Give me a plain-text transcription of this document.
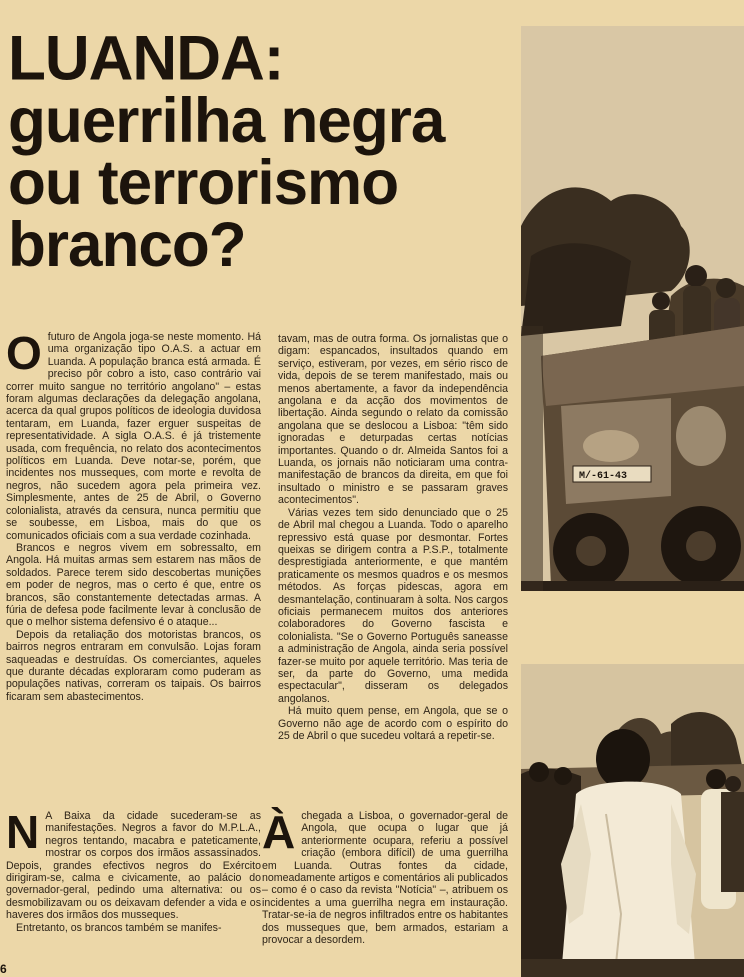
LUANDA:
guerrilha negra
ou terrorismo
branco?
O futuro de Angola joga-se neste momento. Há uma organização tipo O.A.S. a actuar em Luanda. A população branca está armada. É preciso pôr cobro a isto, caso contrário vai correr muito sangue no território angolano" – estas foram algumas declarações da delegação angolana, acerca da qual grupos políticos de ideologia duvidosa tentaram, em Luanda, fazer erguer suspeitas de representatividade. A sigla O.A.S. é já tristemente usada, com frequência, no relato dos acontecimentos políticos em Luanda. Deve notar-se, porém, que incidentes nos musseques, com morte e revolta de negros, não sucedem agora pela primeira vez. Simplesmente, antes de 25 de Abril, o Governo colonialista, através da censura, nunca permitiu que se soubesse, em Lisboa, mais do que os comunicados oficiais com a sua verdade cozinhada.

Brancos e negros vivem em sobressalto, em Angola. Há muitas armas sem estarem nas mãos de soldados. Parece terem sido descobertas munições em poder de negros, mas o certo é que, entre os brancos, são constantemente detectadas armas. A fúria de defesa pode facilmente levar à conclusão de que o melhor sistema defensivo é o ataque...

Depois da retaliação dos motoristas brancos, os bairros negros entraram em convulsão. Lojas foram saqueadas e destruídas. Os comerciantes, aqueles que durante décadas exploraram como puderam as populações nativas, correram os taipais. Os bairros ficaram sem abastecimentos.

tavam, mas de outra forma. Os jornalistas que o digam: espancados, insultados quando em serviço, estiveram, por vezes, em sério risco de vida, depois de se terem manifestado, mais ou menos abertamente, a favor da independência angolana e da acção dos movimentos de libertação. Ainda segundo o relato da comissão angolana que se deslocou a Lisboa: "têm sido ignoradas e deturpadas certas notícias importantes. Quando o dr. Almeida Santos foi a Luanda, os jornais não noticiaram uma contra-manifestação de brancos da direita, em que foi insultado o ministro e se passaram graves acontecimentos".

Várias vezes tem sido denunciado que o 25 de Abril mal chegou a Luanda. Todo o aparelho repressivo está quase por desmontar. Fortes queixas se dirigem contra a P.S.P., totalmente desprestigiada anteriormente, e que mantém praticamente os mesmos quadros e os mesmos métodos. As forças pidescas, agora em desmantelação, continuaram à solta. Nos cargos oficiais permanecem muitos dos anteriores colaboradores do Governo fascista e colonialista. "Se o Governo Português saneasse a administração de Angola, ainda seria possível fazer-se muito por aquele território. Mas teria de ser, da parte do Governo, uma medida espectacular", disseram os delegados angolanos.

Há muito quem pense, em Angola, que se o Governo não age de acordo com o espírito do 25 de Abril o que sucedeu voltará a repetir-se.

N A Baixa da cidade sucederam-se as manifestações. Negros a favor do M.P.L.A., negros tentando, macabra e pateticamente, mostrar os corpos dos irmãos assassinados. Depois, grandes efectivos negros do Exército dirigiram-se, calma e civicamente, ao palácio do governador-geral, pedindo uma alternativa: ou os desmobilizavam ou os deixavam defender a vida e os haveres dos irmãos dos musseques.

Entretanto, os brancos também se manifes-

À chegada a Lisboa, o governador-geral de Angola, que ocupa o lugar que já anteriormente ocupara, referiu a possível criação (embora difícil) de uma guerrilha em Luanda. Outras fontes da cidade, nomeadamente artigos e comentários ali publicados – como é o caso da revista "Notícia" –, atribuem os incidentes a uma guerrilha negra em instauração. Tratar-se-ia de negros infiltrados entre os habitantes dos musseques que, bem armados, estariam a provocar a desordem.

M/-61-43
6
